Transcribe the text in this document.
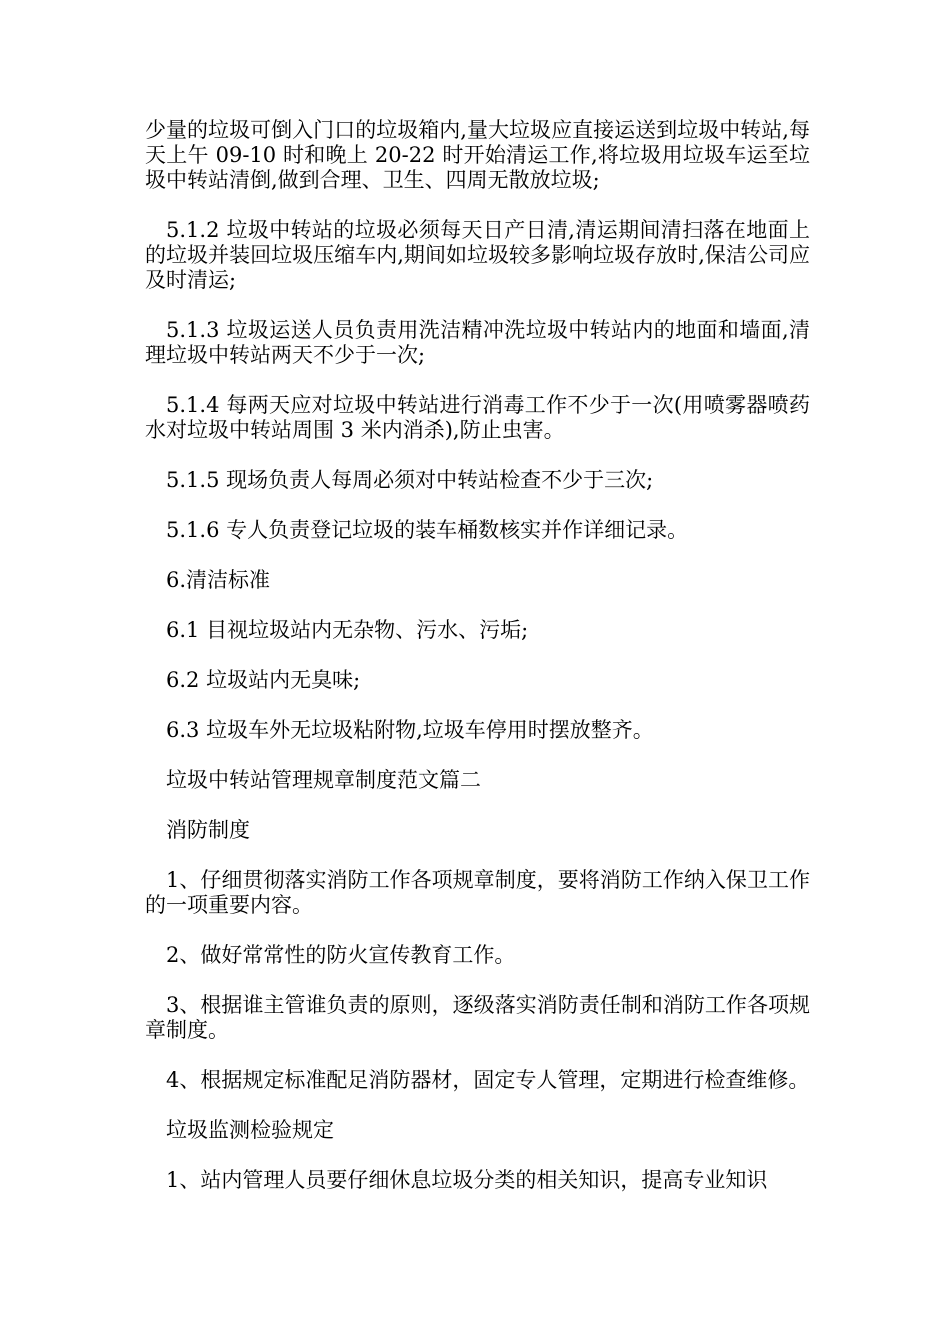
少量的垃圾可倒入门口的垃圾箱内,量大垃圾应直接运送到垃圾中转站,每天上午 09-10 时和晚上 20-22 时开始清运工作,将垃圾用垃圾车运至垃圾中转站清倒,做到合理、卫生、四周无散放垃圾;

5.1.2 垃圾中转站的垃圾必须每天日产日清,清运期间清扫落在地面上的垃圾并装回垃圾压缩车内,期间如垃圾较多影响垃圾存放时,保洁公司应及时清运;

5.1.3 垃圾运送人员负责用洗洁精冲洗垃圾中转站内的地面和墙面,清理垃圾中转站两天不少于一次;

5.1.4 每两天应对垃圾中转站进行消毒工作不少于一次(用喷雾器喷药水对垃圾中转站周围 3 米内消杀),防止虫害。

5.1.5 现场负责人每周必须对中转站检查不少于三次;

5.1.6 专人负责登记垃圾的装车桶数核实并作详细记录。

6.清洁标准

6.1 目视垃圾站内无杂物、污水、污垢;

6.2 垃圾站内无臭味;

6.3 垃圾车外无垃圾粘附物,垃圾车停用时摆放整齐。

垃圾中转站管理规章制度范文篇二

消防制度

1、仔细贯彻落实消防工作各项规章制度，要将消防工作纳入保卫工作的一项重要内容。

2、做好常常性的防火宣传教育工作。

3、根据谁主管谁负责的原则，逐级落实消防责任制和消防工作各项规章制度。

4、根据规定标准配足消防器材，固定专人管理，定期进行检查维修。

垃圾监测检验规定

1、站内管理人员要仔细休息垃圾分类的相关知识，提高专业知识
